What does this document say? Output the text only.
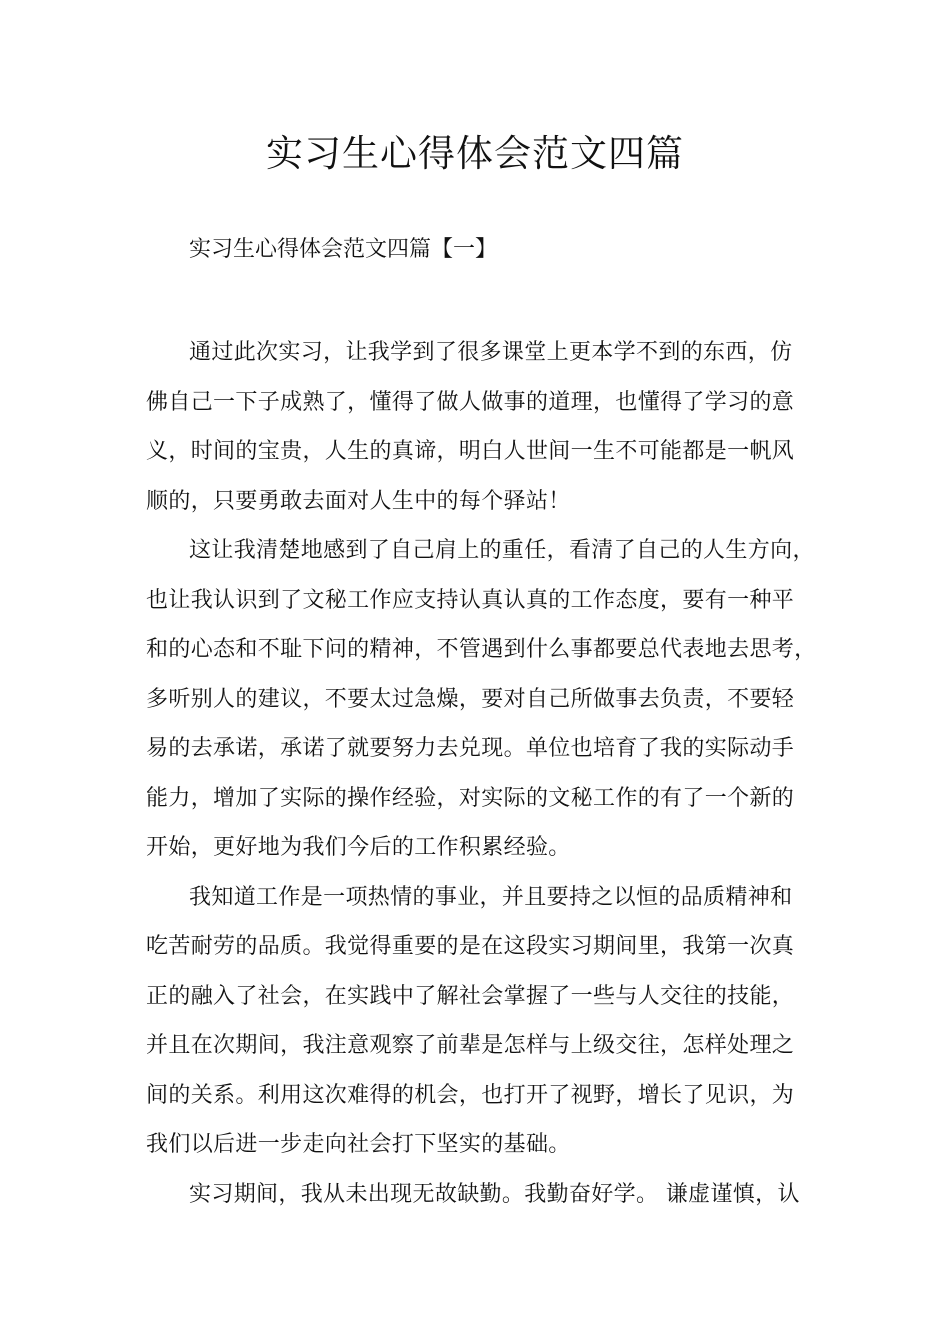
实习生心得体会范文四篇
实习生心得体会范文四篇【一】
通过此次实习，让我学到了很多课堂上更本学不到的东西，仿
佛自己一下子成熟了，懂得了做人做事的道理，也懂得了学习的意
义，时间的宝贵，人生的真谛，明白人世间一生不可能都是一帆风
顺的，只要勇敢去面对人生中的每个驿站！
这让我清楚地感到了自己肩上的重任，看清了自己的人生方向，
也让我认识到了文秘工作应支持认真认真的工作态度，要有一种平
和的心态和不耻下问的精神，不管遇到什么事都要总代表地去思考，
多听别人的建议，不要太过急燥，要对自己所做事去负责，不要轻
易的去承诺，承诺了就要努力去兑现。单位也培育了我的实际动手
能力，增加了实际的操作经验，对实际的文秘工作的有了一个新的
开始，更好地为我们今后的工作积累经验。
我知道工作是一项热情的事业，并且要持之以恒的品质精神和
吃苦耐劳的品质。我觉得重要的是在这段实习期间里，我第一次真
正的融入了社会，在实践中了解社会掌握了一些与人交往的技能，
并且在次期间，我注意观察了前辈是怎样与上级交往，怎样处理之
间的关系。利用这次难得的机会，也打开了视野，增长了见识，为
我们以后进一步走向社会打下坚实的基础。
实习期间，我从未出现无故缺勤。我勤奋好学。 谦虚谨慎，认
